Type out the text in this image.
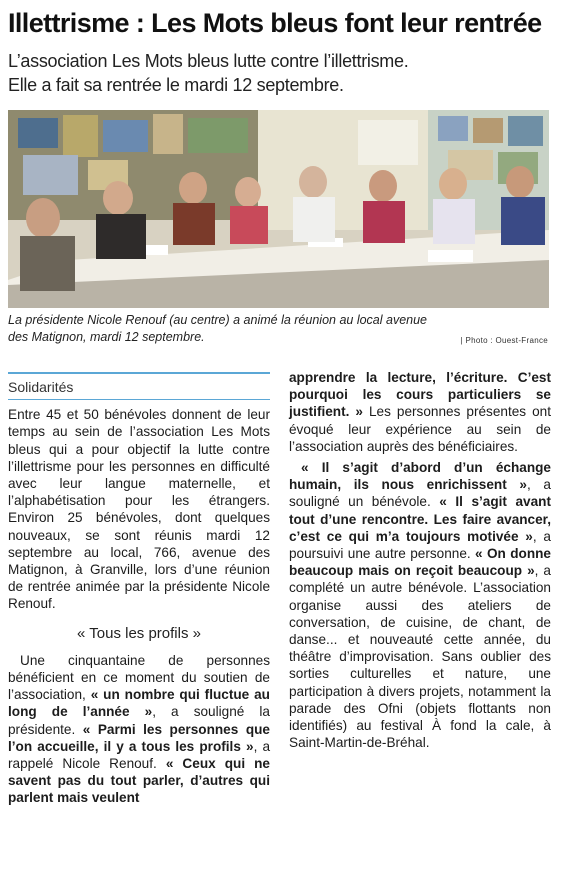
Illettrisme : Les Mots bleus font leur rentrée
L’association Les Mots bleus lutte contre l’illettrisme.
Elle a fait sa rentrée le mardi 12 septembre.
La présidente Nicole Renouf (au centre) a animé la réunion au local avenue
des Matignon, mardi 12 septembre.	| Photo : Ouest-France
Solidarités

Entre 45 et 50 bénévoles donnent de leur temps au sein de l’association Les Mots bleus qui a pour objectif la lutte contre l’illettrisme pour les personnes en difficulté avec leur langue maternelle, et l’alphabétisation pour les étrangers. Environ 25 bénévoles, dont quelques nouveaux, se sont réunis mardi 12 septembre au local, 766, avenue des Matignon, à Granville, lors d’une réunion de rentrée animée par la présidente Nicole Renouf.

« Tous les profils »

Une cinquantaine de personnes bénéficient en ce moment du soutien de l’association, « un nombre qui fluctue au long de l’année », a souligné la présidente. « Parmi les personnes que l’on accueille, il y a tous les profils », a rappelé Nicole Renouf. « Ceux qui ne savent pas du tout parler, d’autres qui parlent mais veulent

apprendre la lecture, l’écriture. C’est pourquoi les cours particuliers se justifient. » Les personnes présentes ont évoqué leur expérience au sein de l’association auprès des bénéficiaires.

« Il s’agit d’abord d’un échange humain, ils nous enrichissent », a souligné un bénévole. « Il s’agit avant tout d’une rencontre. Les faire avancer, c’est ce qui m’a toujours motivée », a poursuivi une autre personne. « On donne beaucoup mais on reçoit beaucoup », a complété un autre bénévole. L’association organise aussi des ateliers de conversation, de cuisine, de chant, de danse... et nouveauté cette année, du théâtre d’improvisation. Sans oublier des sorties culturelles et nature, une participation à divers projets, notamment la parade des Ofni (objets flottants non identifiés) au festival À fond la cale, à Saint-Martin-de-Bréhal.
